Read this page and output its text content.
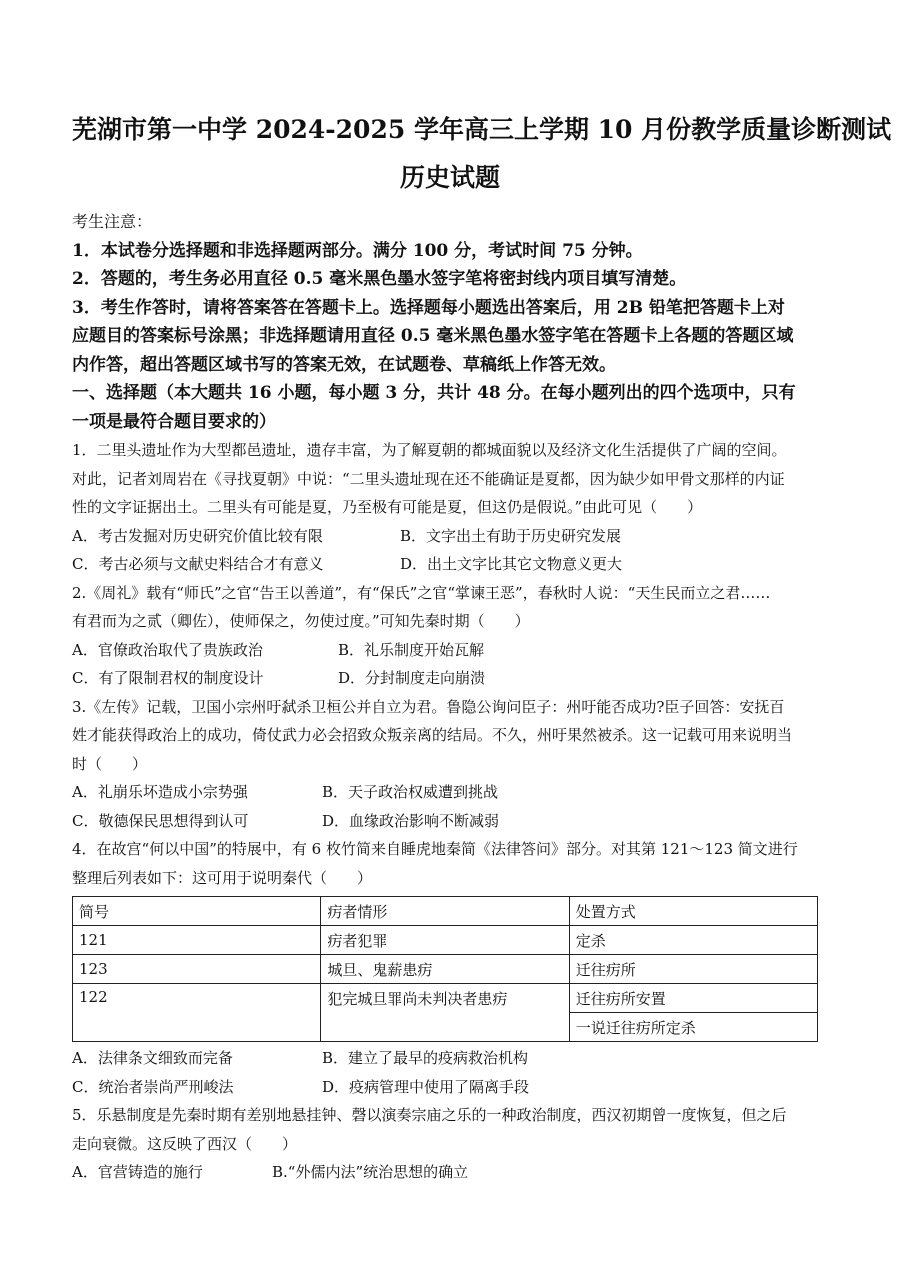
芜湖市第一中学 2024-2025 学年高三上学期 10 月份教学质量诊断测试
历史试题
考生注意：
1．本试卷分选择题和非选择题两部分。满分 100 分，考试时间 75 分钟。
2．答题的，考生务必用直径 0.5 毫米黑色墨水签字笔将密封线内项目填写清楚。
3．考生作答时，请将答案答在答题卡上。选择题每小题选出答案后，用 2B 铅笔把答题卡上对
应题目的答案标号涂黑；非选择题请用直径 0.5 毫米黑色墨水签字笔在答题卡上各题的答题区域
内作答，超出答题区域书写的答案无效，在试题卷、草稿纸上作答无效。
一、选择题（本大题共 16 小题，每小题 3 分，共计 48 分。在每小题列出的四个选项中，只有
一项是最符合题目要求的）
1．二里头遗址作为大型都邑遗址，遗存丰富，为了解夏朝的都城面貌以及经济文化生活提供了广阔的空间。
对此，记者刘周岩在《寻找夏朝》中说：“二里头遗址现在还不能确证是夏都，因为缺少如甲骨文那样的内证
性的文字证据出土。二里头有可能是夏，乃至极有可能是夏，但这仍是假说。”由此可见（　　）
A．考古发掘对历史研究价值比较有限	B．文字出土有助于历史研究发展
C．考古必须与文献史料结合才有意义	D．出土文字比其它文物意义更大
2.《周礼》载有“师氏”之官“告王以善道”，有“保氏”之官“掌谏王恶”，春秋时人说：“天生民而立之君……
有君而为之贰（卿佐），使师保之，勿使过度。”可知先秦时期（　　）
A．官僚政治取代了贵族政治	B．礼乐制度开始瓦解
C．有了限制君权的制度设计	D．分封制度走向崩溃
3.《左传》记载，卫国小宗州吁弑杀卫桓公并自立为君。鲁隐公询问臣子：州吁能否成功?臣子回答：安抚百
姓才能获得政治上的成功，倚仗武力必会招致众叛亲离的结局。不久，州吁果然被杀。这一记载可用来说明当
时（　　）
A．礼崩乐坏造成小宗势强	B．天子政治权威遭到挑战
C．敬德保民思想得到认可	D．血缘政治影响不断减弱
4．在故宫“何以中国”的特展中，有 6 枚竹简来自睡虎地秦简《法律答问》部分。对其第 121～123 简文进行
整理后列表如下：这可用于说明秦代（　　）
简号	疠者情形	处置方式
121	疠者犯罪	定杀
123	城旦、鬼薪患疠	迁往疠所
122	犯完城旦罪尚未判决者患疠	迁往疠所安置
		一说迁往疠所定杀
A．法律条文细致而完备	B．建立了最早的疫病救治机构
C．统治者崇尚严刑峻法	D．疫病管理中使用了隔离手段
5．乐悬制度是先秦时期有差别地悬挂钟、磬以演奏宗庙之乐的一种政治制度，西汉初期曾一度恢复，但之后
走向衰微。这反映了西汉（　　）
A．官营铸造的施行	B.“外儒内法”统治思想的确立
